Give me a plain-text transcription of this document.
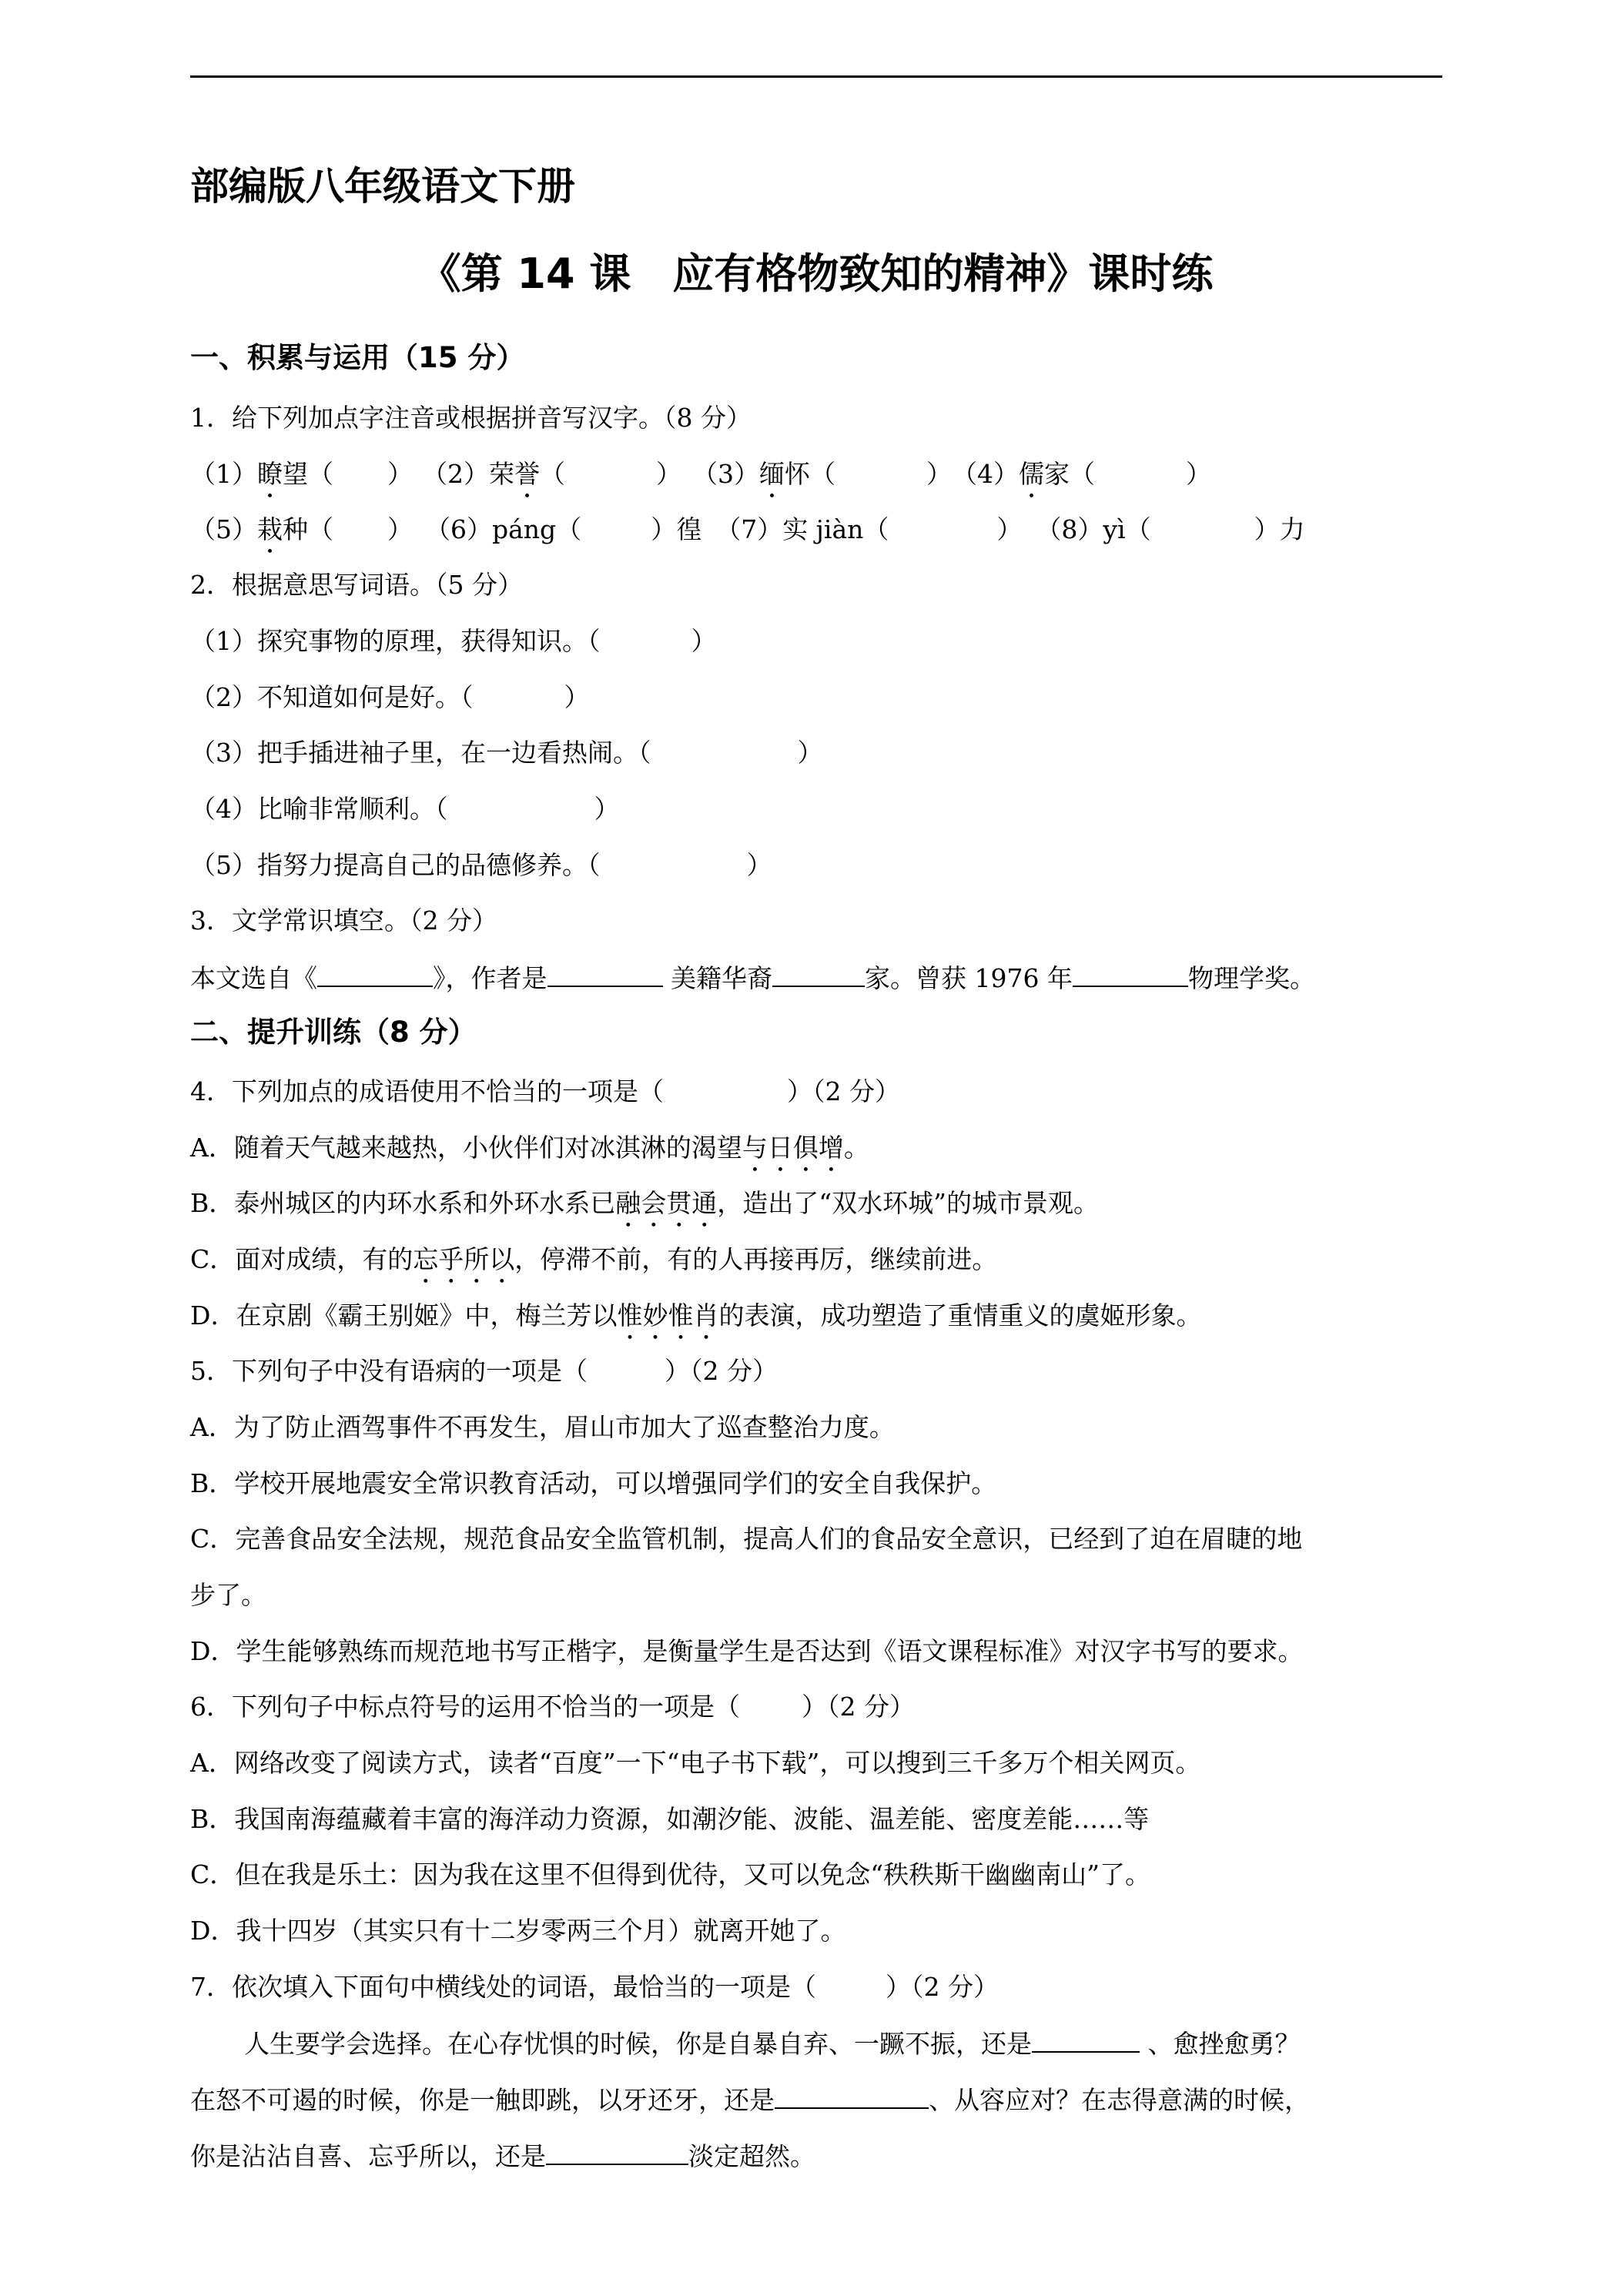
部编版八年级语文下册
《第 14 课　应有格物致知的精神》课时练
一、积累与运用（15 分）
1．给下列加点字注音或根据拼音写汉字。（8 分）
（1）瞭望（ ） （2）荣誉（	） （3）缅怀（	）（4）儒家（	）
（5）栽种（ ） （6）páng（	）徨 （7）实 jiàn（	） （8）yì（	）力
2．根据意思写词语。（5 分）
（1）探究事物的原理，获得知识。（	）
（2）不知道如何是好。（	）
（3）把手插进袖子里，在一边看热闹。（	）
（4）比喻非常顺利。（	）
（5）指努力提高自己的品德修养。（	）
3．文学常识填空。（2 分）
本文选自《	》，作者是	美籍华裔	家。曾获 1976 年	物理学奖。
二、提升训练（8 分）
4．下列加点的成语使用不恰当的一项是（	）（2 分）
A．随着天气越来越热，小伙伴们对冰淇淋的渴望与日俱增。
B．泰州城区的内环水系和外环水系已融会贯通，造出了“双水环城”的城市景观。
C．面对成绩，有的忘乎所以，停滞不前，有的人再接再厉，继续前进。
D．在京剧《霸王别姬》中，梅兰芳以惟妙惟肖的表演，成功塑造了重情重义的虞姬形象。
5．下列句子中没有语病的一项是（	）（2 分）
A．为了防止酒驾事件不再发生，眉山市加大了巡查整治力度。
B．学校开展地震安全常识教育活动，可以增强同学们的安全自我保护。
C．完善食品安全法规，规范食品安全监管机制，提高人们的食品安全意识，已经到了迫在眉睫的地
步了。
D．学生能够熟练而规范地书写正楷字，是衡量学生是否达到《语文课程标准》对汉字书写的要求。
6．下列句子中标点符号的运用不恰当的一项是（ ）（2 分）
A．网络改变了阅读方式，读者“百度”一下“电子书下载”，可以搜到三千多万个相关网页。
B．我国南海蕴藏着丰富的海洋动力资源，如潮汐能、波能、温差能、密度差能……等
C．但在我是乐土：因为我在这里不但得到优待，又可以免念“秩秩斯干幽幽南山”了。
D．我十四岁（其实只有十二岁零两三个月）就离开她了。
7．依次填入下面句中横线处的词语，最恰当的一项是（	）（2 分）
人生要学会选择。在心存忧惧的时候，你是自暴自弃、一蹶不振，还是	、愈挫愈勇？
在怒不可遏的时候，你是一触即跳，以牙还牙，还是	、从容应对？在志得意满的时候，
你是沾沾自喜、忘乎所以，还是	淡定超然。
